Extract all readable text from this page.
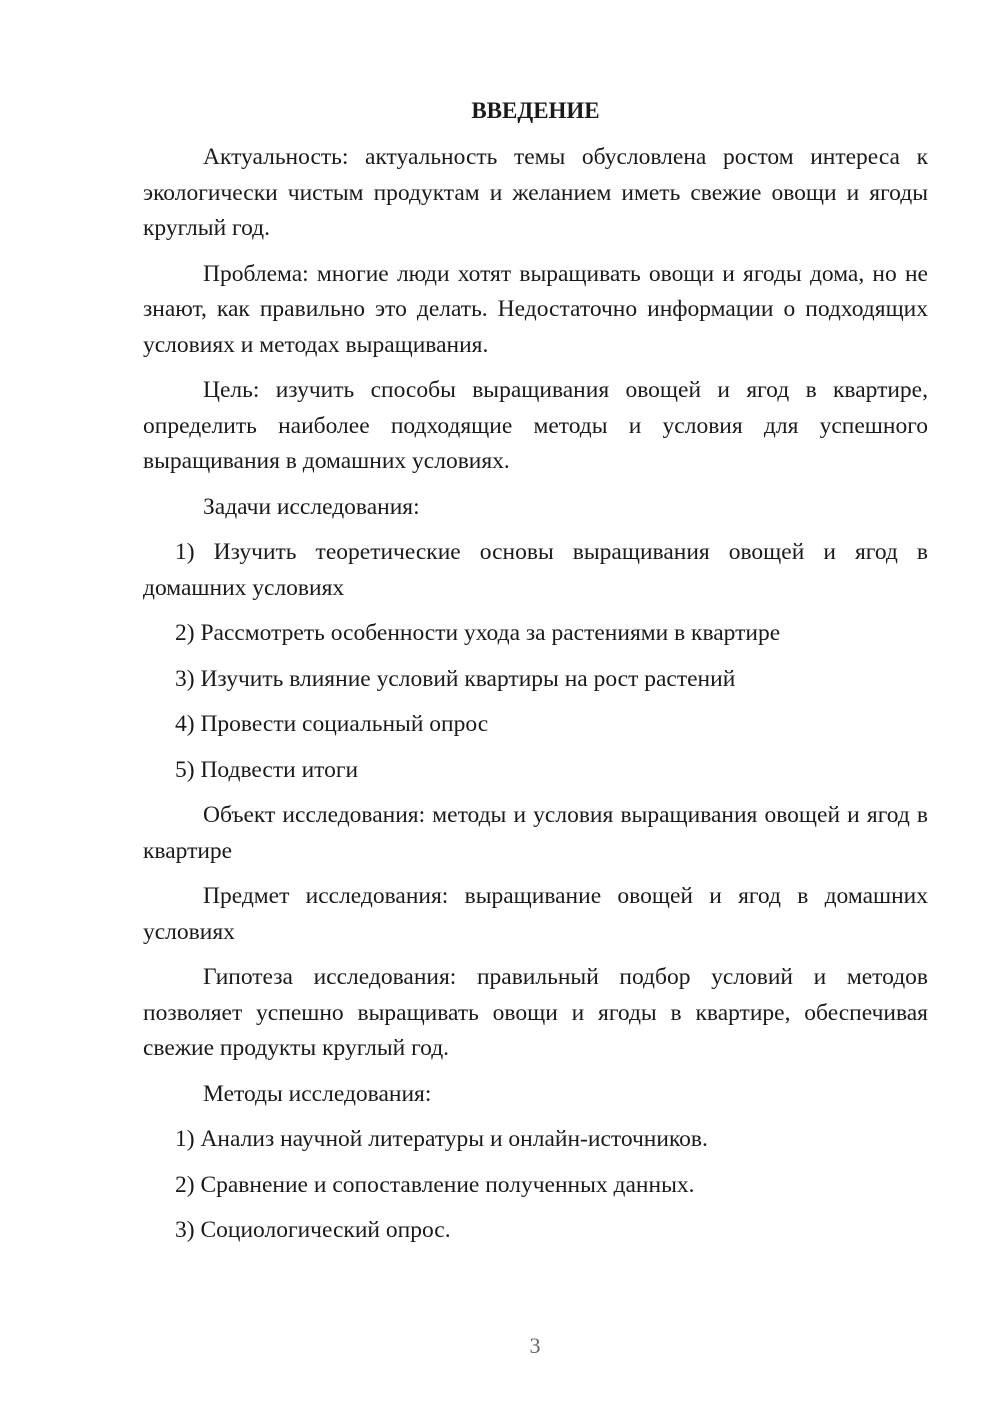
ВВЕДЕНИЕ

Актуальность: актуальность темы обусловлена ростом интереса к экологически чистым продуктам и желанием иметь свежие овощи и ягоды круглый год.

Проблема: многие люди хотят выращивать овощи и ягоды дома, но не знают, как правильно это делать. Недостаточно информации о подходящих условиях и методах выращивания.

Цель: изучить способы выращивания овощей и ягод в квартире, определить наиболее подходящие методы и условия для успешного выращивания в домашних условиях.

Задачи исследования:

1) Изучить теоретические основы выращивания овощей и ягод в домашних условиях

2) Рассмотреть особенности ухода за растениями в квартире

3) Изучить влияние условий квартиры на рост растений

4) Провести социальный опрос

5) Подвести итоги

Объект исследования: методы и условия выращивания овощей и ягод в квартире

Предмет исследования: выращивание овощей и ягод в домашних условиях

Гипотеза исследования: правильный подбор условий и методов позволяет успешно выращивать овощи и ягоды в квартире, обеспечивая свежие продукты круглый год.

Методы исследования:

1) Анализ научной литературы и онлайн-источников.

2) Сравнение и сопоставление полученных данных.

3) Социологический опрос.

3
